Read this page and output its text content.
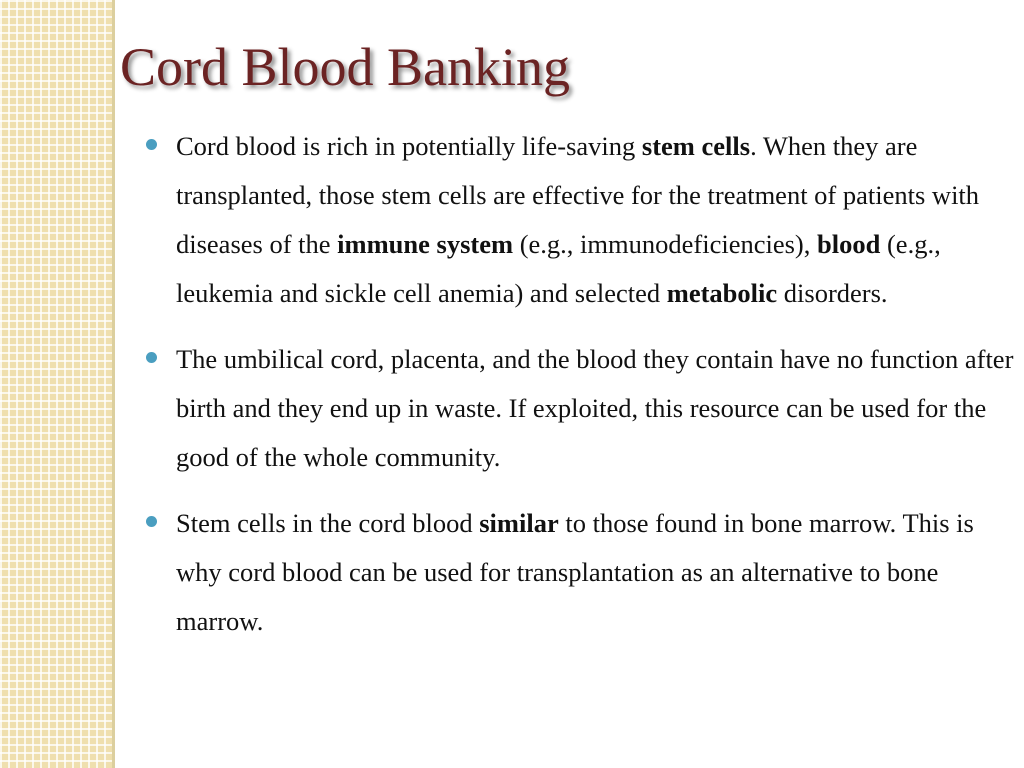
Cord Blood Banking
Cord blood is rich in potentially life-saving stem cells. When they are transplanted, those stem cells are effective for the treatment of patients with diseases of the immune system (e.g., immunodeficiencies), blood (e.g., leukemia and sickle cell anemia) and selected metabolic disorders.
The umbilical cord, placenta, and the blood they contain have no function after birth and they end up in waste. If exploited, this resource can be used for the good of the whole community.
Stem cells in the cord blood similar to those found in bone marrow. This is why cord blood can be used for transplantation as an alternative to bone marrow.
